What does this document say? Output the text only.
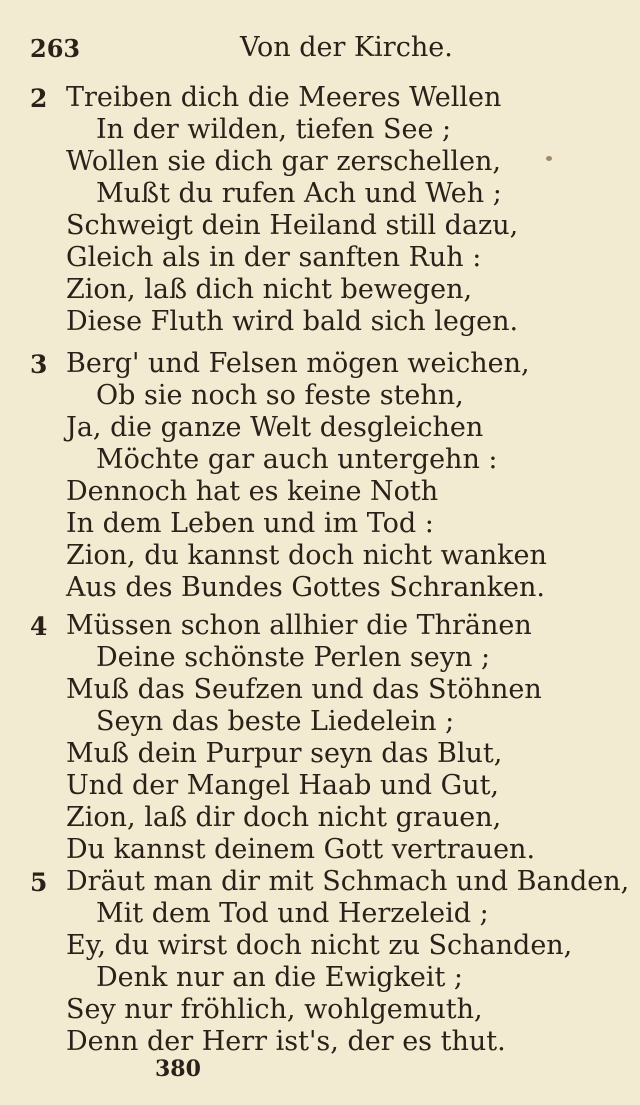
263	Von der Kirche.
2 Treiben dich die Meeres Wellen
In der wilden, tiefen See ;
Wollen sie dich gar zerschellen,
Mußt du rufen Ach und Weh ;
Schweigt dein Heiland still dazu,
Gleich als in der sanften Ruh :
Zion, laß dich nicht bewegen,
Diese Fluth wird bald sich legen.
3 Berg' und Felsen mögen weichen,
Ob sie noch so feste stehn,
Ja, die ganze Welt desgleichen
Möchte gar auch untergehn :
Dennoch hat es keine Noth
In dem Leben und im Tod :
Zion, du kannst doch nicht wanken
Aus des Bundes Gottes Schranken.
4 Müssen schon allhier die Thränen
Deine schönste Perlen seyn ;
Muß das Seufzen und das Stöhnen
Seyn das beste Liedelein ;
Muß dein Purpur seyn das Blut,
Und der Mangel Haab und Gut,
Zion, laß dir doch nicht grauen,
Du kannst deinem Gott vertrauen.
5 Dräut man dir mit Schmach und Banden,
Mit dem Tod und Herzeleid ;
Ey, du wirst doch nicht zu Schanden,
Denk nur an die Ewigkeit ;
Sey nur fröhlich, wohlgemuth,
Denn der Herr ist's, der es thut.
380
